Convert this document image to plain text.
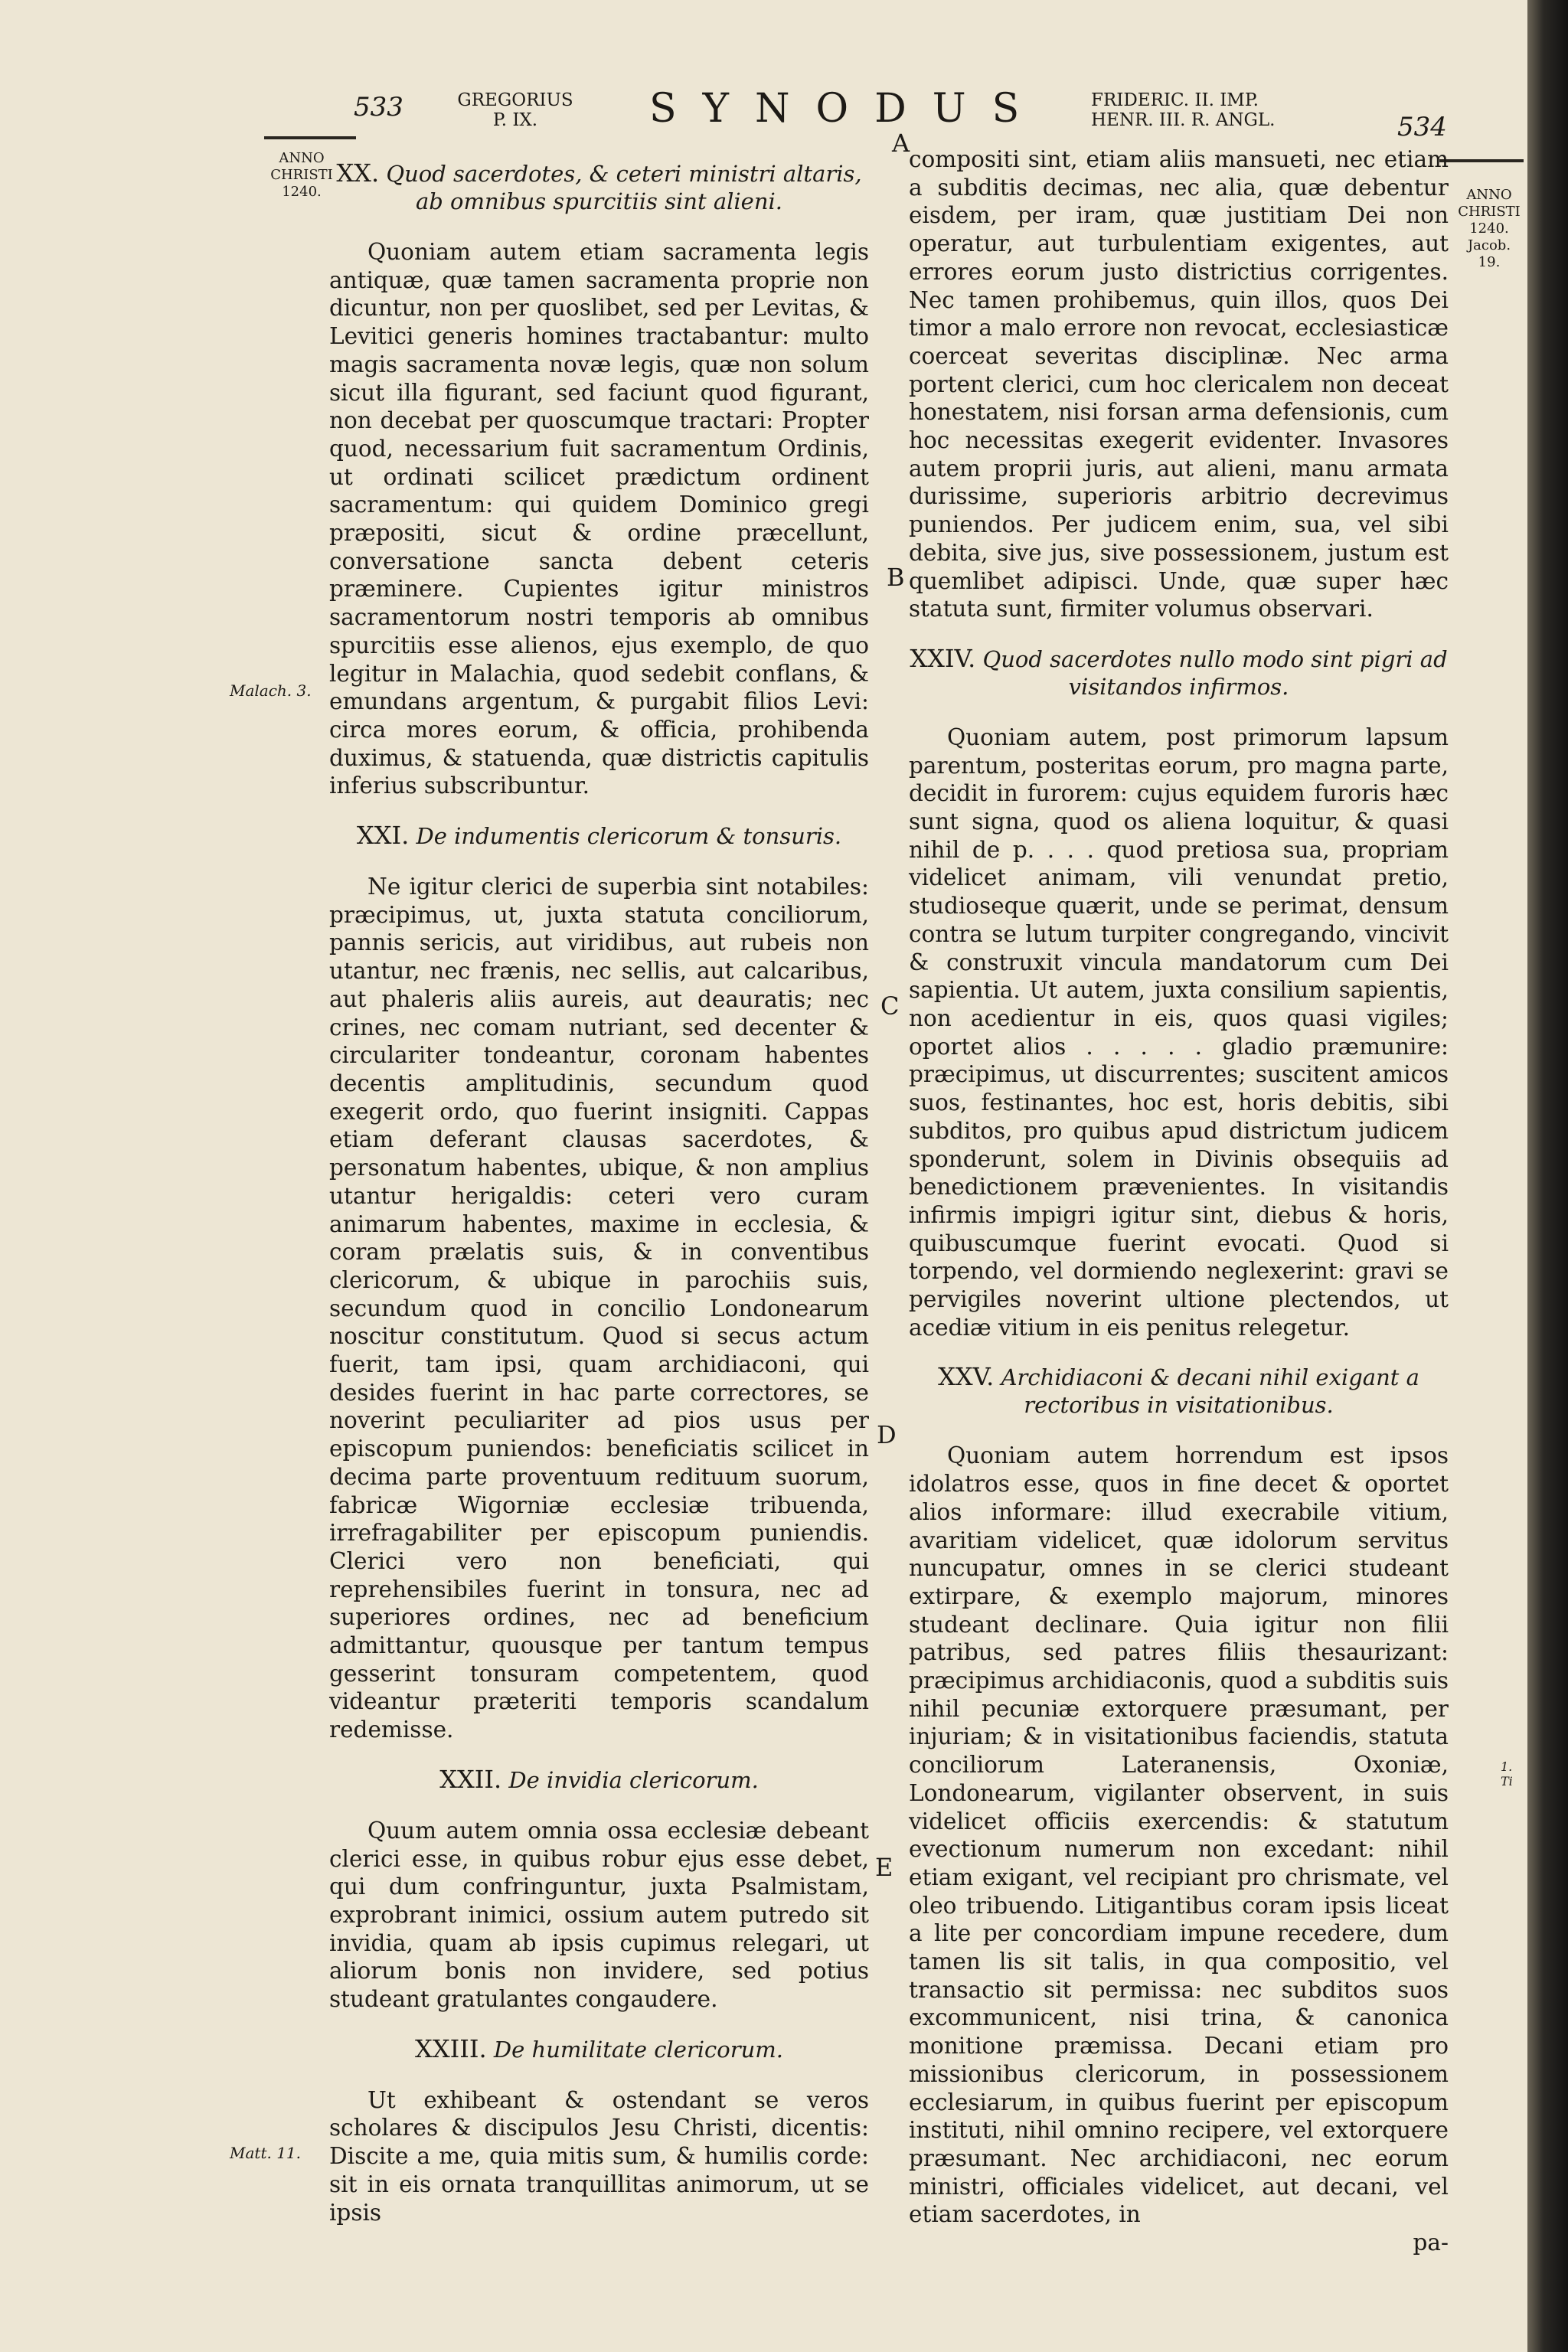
533	GREGORIUS P. IX.	SYNODUS	FRIDERIC. II. IMP. HENR. III. R. ANGL.	534
ANNO CHRISTI 1240.	ANNO CHRISTI 1240. Jacob. 19.
Malach. 3.
Matt. 11.
1. Ti
A
B
C
D
E
XX. Quod sacerdotes, & ceteri ministri altaris, ab omnibus spurcitiis sint alieni.

Quoniam autem etiam sacramenta legis antiquæ, quæ tamen sacramenta proprie non dicuntur, non per quoslibet, sed per Levitas, & Levitici generis homines tractabantur: multo magis sacramenta novæ legis, quæ non solum sicut illa figurant, sed faciunt quod figurant, non decebat per quoscumque tractari: Propter quod, necessarium fuit sacramentum Ordinis, ut ordinati scilicet prædictum ordinent sacramentum: qui quidem Dominico gregi præpositi, sicut & ordine præcellunt, conversatione sancta debent ceteris præminere. Cupientes igitur ministros sacramentorum nostri temporis ab omnibus spurcitiis esse alienos, ejus exemplo, de quo legitur in Malachia, quod sedebit conflans, & emundans argentum, & purgabit filios Levi: circa mores eorum, & officia, prohibenda duximus, & statuenda, quæ districtis capitulis inferius subscribuntur.

XXI. De indumentis clericorum & tonsuris.

Ne igitur clerici de superbia sint notabiles: præcipimus, ut, juxta statuta conciliorum, pannis sericis, aut viridibus, aut rubeis non utantur, nec frænis, nec sellis, aut calcaribus, aut phaleris aliis aureis, aut deauratis; nec crines, nec comam nutriant, sed decenter & circulariter tondeantur, coronam habentes decentis amplitudinis, secundum quod exegerit ordo, quo fuerint insigniti. Cappas etiam deferant clausas sacerdotes, & personatum habentes, ubique, & non amplius utantur herigaldis: ceteri vero curam animarum habentes, maxime in ecclesia, & coram prælatis suis, & in conventibus clericorum, & ubique in parochiis suis, secundum quod in concilio Londonearum noscitur constitutum. Quod si secus actum fuerit, tam ipsi, quam archidiaconi, qui desides fuerint in hac parte correctores, se noverint peculiariter ad pios usus per episcopum puniendos: beneficiatis scilicet in decima parte proventuum redituum suorum, fabricæ Wigorniæ ecclesiæ tribuenda, irrefragabiliter per episcopum puniendis. Clerici vero non beneficiati, qui reprehensibiles fuerint in tonsura, nec ad superiores ordines, nec ad beneficium admittantur, quousque per tantum tempus gesserint tonsuram competentem, quod videantur præteriti temporis scandalum redemisse.

XXII. De invidia clericorum.

Quum autem omnia ossa ecclesiæ debeant clerici esse, in quibus robur ejus esse debet, qui dum confringuntur, juxta Psalmistam, exprobrant inimici, ossium autem putredo sit invidia, quam ab ipsis cupimus relegari, ut aliorum bonis non invidere, sed potius studeant gratulantes congaudere.

XXIII. De humilitate clericorum.

Ut exhibeant & ostendant se veros scholares & discipulos Jesu Christi, dicentis: Discite a me, quia mitis sum, & humilis corde: sit in eis ornata tranquillitas animorum, ut se ipsis

compositi sint, etiam aliis mansueti, nec etiam a subditis decimas, nec alia, quæ debentur eisdem, per iram, quæ justitiam Dei non operatur, aut turbulentiam exigentes, aut errores eorum justo districtius corrigentes. Nec tamen prohibemus, quin illos, quos Dei timor a malo errore non revocat, ecclesiasticæ coerceat severitas disciplinæ. Nec arma portent clerici, cum hoc clericalem non deceat honestatem, nisi forsan arma defensionis, cum hoc necessitas exegerit evidenter. Invasores autem proprii juris, aut alieni, manu armata durissime, superioris arbitrio decrevimus puniendos. Per judicem enim, sua, vel sibi debita, sive jus, sive possessionem, justum est quemlibet adipisci. Unde, quæ super hæc statuta sunt, firmiter volumus observari.

XXIV. Quod sacerdotes nullo modo sint pigri ad visitandos infirmos.

Quoniam autem, post primorum lapsum parentum, posteritas eorum, pro magna parte, decidit in furorem: cujus equidem furoris hæc sunt signa, quod os aliena loquitur, & quasi nihil de p. . . . quod pretiosa sua, propriam videlicet animam, vili venundat pretio, studioseque quærit, unde se perimat, densum contra se lutum turpiter congregando, vincivit & construxit vincula mandatorum cum Dei sapientia. Ut autem, juxta consilium sapientis, non acedientur in eis, quos quasi vigiles; oportet alios . . . . . gladio præmunire: præcipimus, ut discurrentes; suscitent amicos suos, festinantes, hoc est, horis debitis, sibi subditos, pro quibus apud districtum judicem sponderunt, solem in Divinis obsequiis ad benedictionem prævenientes. In visitandis infirmis impigri igitur sint, diebus & horis, quibuscumque fuerint evocati. Quod si torpendo, vel dormiendo neglexerint: gravi se pervigiles noverint ultione plectendos, ut acediæ vitium in eis penitus relegetur.

XXV. Archidiaconi & decani nihil exigant a rectoribus in visitationibus.

Quoniam autem horrendum est ipsos idolatros esse, quos in fine decet & oportet alios informare: illud execrabile vitium, avaritiam videlicet, quæ idolorum servitus nuncupatur, omnes in se clerici studeant extirpare, & exemplo majorum, minores studeant declinare. Quia igitur non filii patribus, sed patres filiis thesaurizant: præcipimus archidiaconis, quod a subditis suis nihil pecuniæ extorquere præsumant, per injuriam; & in visitationibus faciendis, statuta conciliorum Lateranensis, Oxoniæ, Londonearum, vigilanter observent, in suis videlicet officiis exercendis: & statutum evectionum numerum non excedant: nihil etiam exigant, vel recipiant pro chrismate, vel oleo tribuendo. Litigantibus coram ipsis liceat a lite per concordiam impune recedere, dum tamen lis sit talis, in qua compositio, vel transactio sit permissa: nec subditos suos excommunicent, nisi trina, & canonica monitione præmissa. Decani etiam pro missionibus clericorum, in possessionem ecclesiarum, in quibus fuerint per episcopum instituti, nihil omnino recipere, vel extorquere præsumant. Nec archidiaconi, nec eorum ministri, officiales videlicet, aut decani, vel etiam sacerdotes, in

pa-
